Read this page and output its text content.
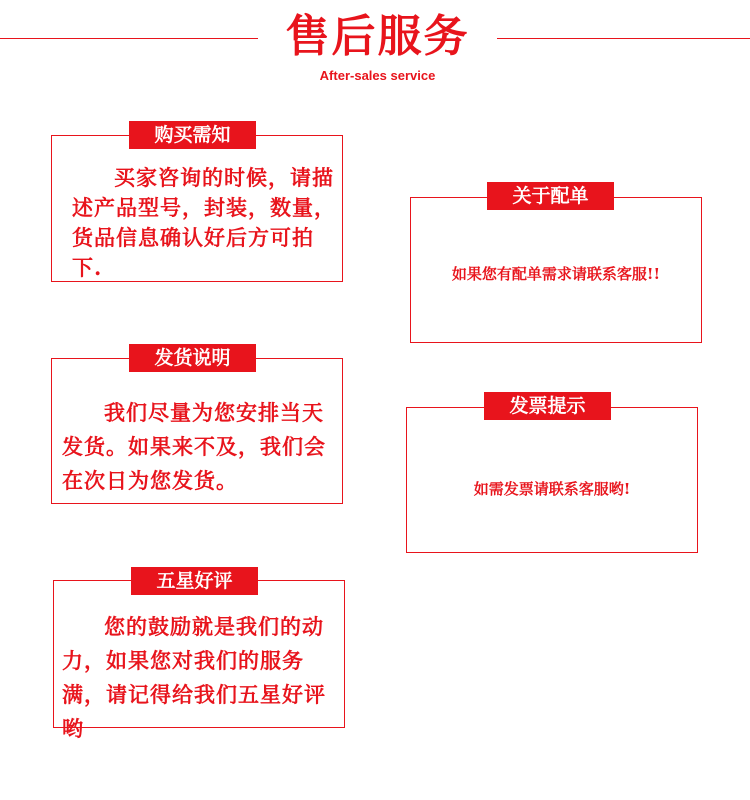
售后服务
After-sales service
购买需知
买家咨询的时候，请描述产品型号，封装，数量，货品信息确认好后方可拍下.
关于配单
如果您有配单需求请联系客服!!
发货说明
我们尽量为您安排当天发货。如果来不及，我们会在次日为您发货。
发票提示
如需发票请联系客服哟!
五星好评
您的鼓励就是我们的动力，如果您对我们的服务满，请记得给我们五星好评哟
